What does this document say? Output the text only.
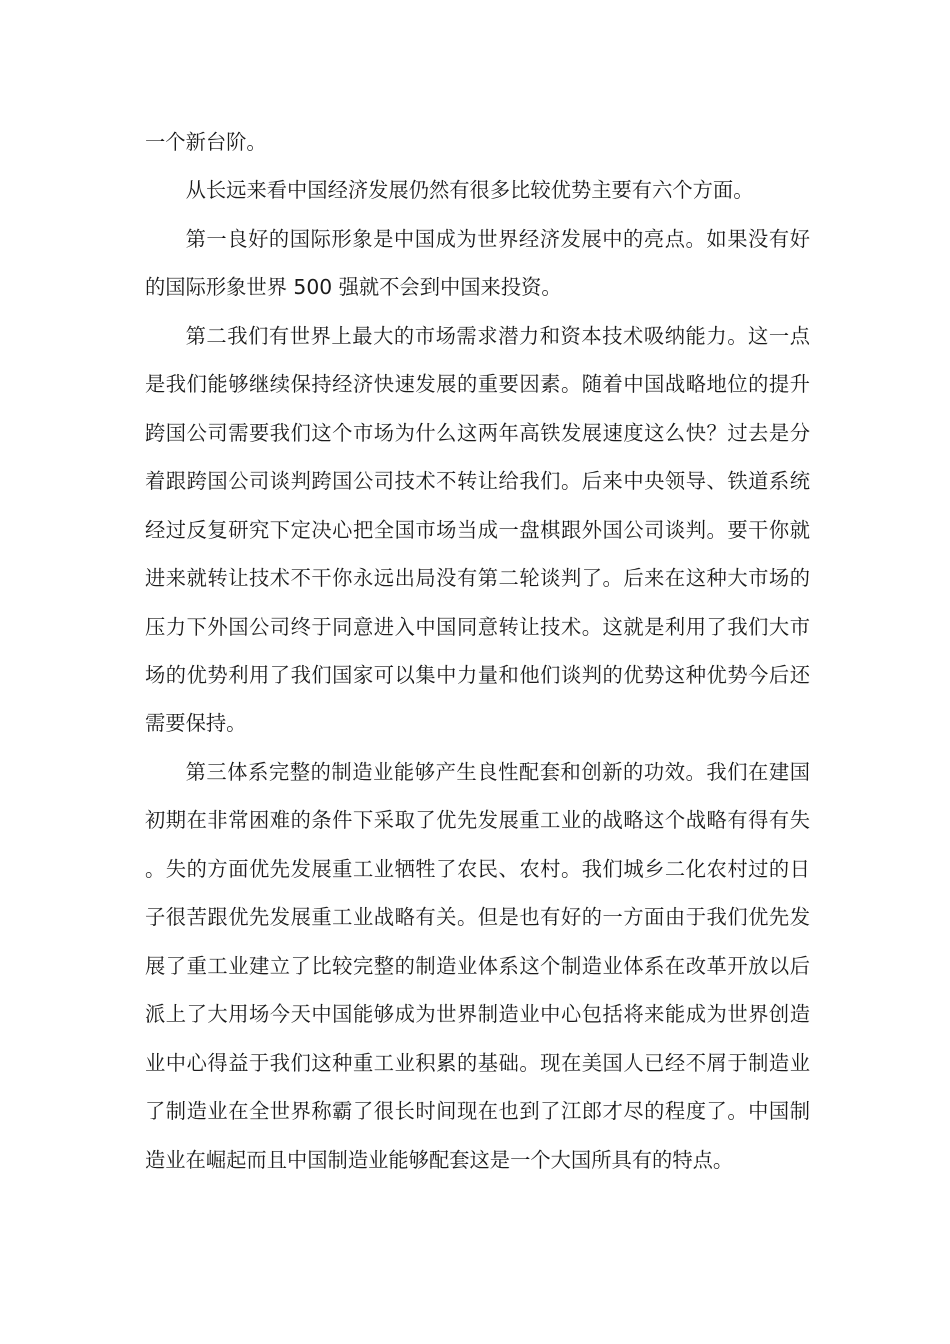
一个新台阶。

从长远来看中国经济发展仍然有很多比较优势主要有六个方面。

第一良好的国际形象是中国成为世界经济发展中的亮点。如果没有好的国际形象世界 500 强就不会到中国来投资。

第二我们有世界上最大的市场需求潜力和资本技术吸纳能力。这一点是我们能够继续保持经济快速发展的重要因素。随着中国战略地位的提升跨国公司需要我们这个市场为什么这两年高铁发展速度这么快？过去是分着跟跨国公司谈判跨国公司技术不转让给我们。后来中央领导、铁道系统经过反复研究下定决心把全国市场当成一盘棋跟外国公司谈判。要干你就进来就转让技术不干你永远出局没有第二轮谈判了。后来在这种大市场的压力下外国公司终于同意进入中国同意转让技术。这就是利用了我们大市场的优势利用了我们国家可以集中力量和他们谈判的优势这种优势今后还需要保持。

第三体系完整的制造业能够产生良性配套和创新的功效。我们在建国初期在非常困难的条件下采取了优先发展重工业的战略这个战略有得有失。失的方面优先发展重工业牺牲了农民、农村。我们城乡二化农村过的日子很苦跟优先发展重工业战略有关。但是也有好的一方面由于我们优先发展了重工业建立了比较完整的制造业体系这个制造业体系在改革开放以后派上了大用场今天中国能够成为世界制造业中心包括将来能成为世界创造业中心得益于我们这种重工业积累的基础。现在美国人已经不屑于制造业了制造业在全世界称霸了很长时间现在也到了江郎才尽的程度了。中国制造业在崛起而且中国制造业能够配套这是一个大国所具有的特点。
